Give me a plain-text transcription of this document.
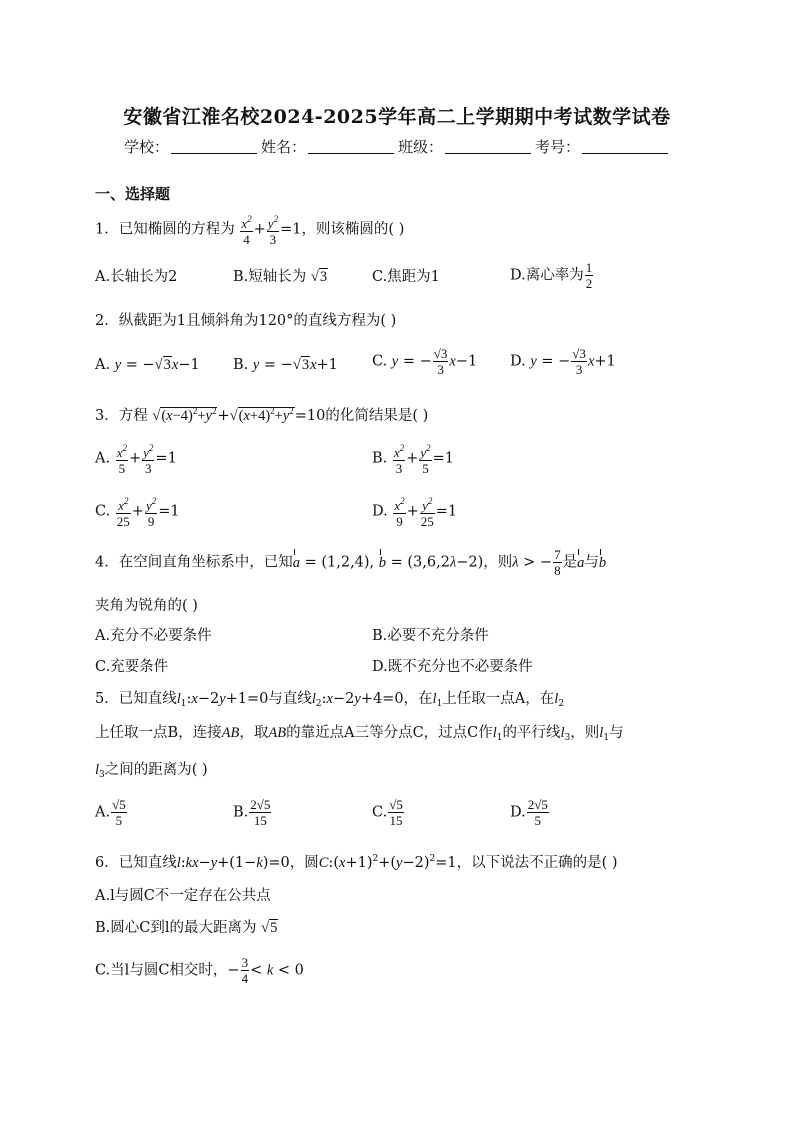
安徽省江淮名校2024-2025学年高二上学期期中考试数学试卷
学校：	姓名：	班级：	考号：
一、选择题
1．已知椭圆的方程为 $\frac{x^2}{4} + \frac{y^2}{3} =1$，则该椭圆的( )
A.长轴长为2	B.短轴长为 √3	C.焦距为1	D.离心率为 $\frac{1}{2}$
2．纵截距为1且倾斜角为120°的直线方程为( )
A. y = −√3x−1 B. y = −√3x+1 C. y = − $\frac{√3}{3} x-1$ D. y = − $\frac{√3}{3} x+1$
3．方程 $√(x-4)^2+y^2+√(x+4)^2+y^2=10$的化简结果是( )
A. $\frac{x^2}{5} + \frac{y^2}{3} =1$	B. $\frac{x^2}{3} + \frac{y^2}{5} =1$
C. $\frac{x^2}{25} + \frac{y^2}{9} =1$	D. $\frac{x^2}{9} + \frac{y^2}{25} =1$
4．在空间直角坐标系中，已知a = (1,2,4), b = (3,6,2λ−2)，则λ > − $\frac{7}{8}$ 是a与b
夹角为锐角的( )
A.充分不必要条件	B.必要不充分条件
C.充要条件	D.既不充分也不必要条件
5．已知直线$l_1:x-2y+1=0$与直线$l_2:x-2y+4=0$，在$l_1$上任取一点A，在$l_2$
上任取一点B，连接AB，取AB的靠近点A三等分点C，过点C作$l_1$的平行线$l_3$，则$l_1$与
$l_3$之间的距离为( )
A. $\frac{√5}{5}$	B. $\frac{2√5}{15}$	C. $\frac{√5}{15}$	D. $\frac{2√5}{5}$
6．已知直线l:kx−y+(1−k)=0，圆$C:(x+1)^2+(y-2)^2=1$，以下说法不正确的是( )
A.l与圆C不一定存在公共点
B.圆心C到l的最大距离为 √5
C.当l与圆C相交时，− $\frac{3}{4} < k < 0$
